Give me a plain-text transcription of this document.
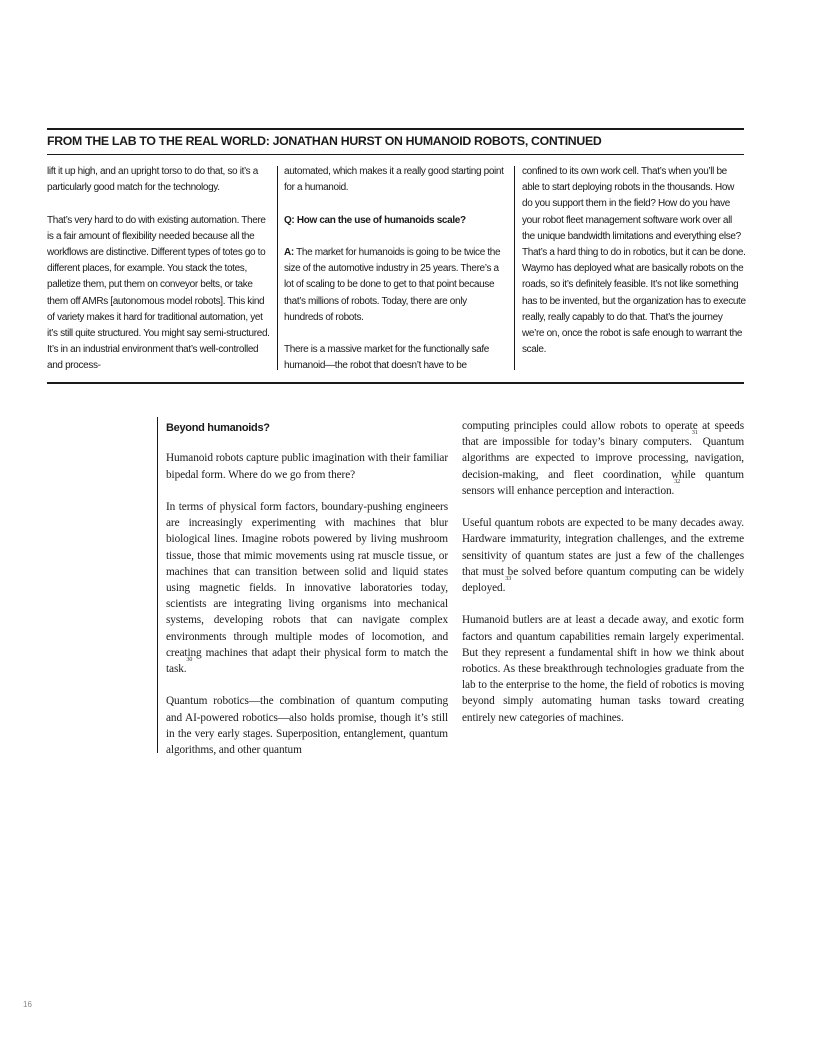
FROM THE LAB TO THE REAL WORLD: JONATHAN HURST ON HUMANOID ROBOTS, CONTINUED

lift it up high, and an upright torso to do that, so it’s a particularly good match for the technology.

That’s very hard to do with existing automation. There is a fair amount of flexibility needed because all the workflows are distinctive. Different types of totes go to different places, for example. You stack the totes, palletize them, put them on conveyor belts, or take them off AMRs [autonomous model robots]. This kind of variety makes it hard for traditional automation, yet it’s still quite structured. You might say semi-structured. It’s in an industrial environment that’s well-controlled and process-

automated, which makes it a really good starting point for a humanoid.

Q: How can the use of humanoids scale?

A: The market for humanoids is going to be twice the size of the automotive industry in 25 years. There’s a lot of scaling to be done to get to that point because that’s millions of robots. Today, there are only hundreds of robots.

There is a massive market for the functionally safe humanoid—the robot that doesn’t have to be

confined to its own work cell. That’s when you’ll be able to start deploying robots in the thousands. How do you support them in the field? How do you have your robot fleet management software work over all the unique bandwidth limitations and everything else? That’s a hard thing to do in robotics, but it can be done. Waymo has deployed what are basically robots on the roads, so it’s definitely feasible. It’s not like something has to be invented, but the organization has to execute really, really capably to do that. That’s the journey we’re on, once the robot is safe enough to warrant the scale.

Beyond humanoids?

Humanoid robots capture public imagination with their familiar bipedal form. Where do we go from there?

In terms of physical form factors, boundary-pushing engineers are increasingly experimenting with machines that blur biological lines. Imagine robots powered by living mushroom tissue, those that mimic movements using rat muscle tissue, or machines that can transition between solid and liquid states using magnetic fields. In innovative laboratories today, scientists are integrating living organisms into mechanical systems, developing robots that can navigate complex environments through multiple modes of locomotion, and creating machines that adapt their physical form to match the task.$^{30}$

Quantum robotics—the combination of quantum computing and AI-powered robotics—also holds promise, though it’s still in the very early stages. Superposition, entanglement, quantum algorithms, and other quantum

computing principles could allow robots to operate at speeds that are impossible for today’s binary computers.$^{31}$ Quantum algorithms are expected to improve processing, navigation, decision-making, and fleet coordination, while quantum sensors will enhance perception and interaction.$^{32}$

Useful quantum robots are expected to be many decades away. Hardware immaturity, integration challenges, and the extreme sensitivity of quantum states are just a few of the challenges that must be solved before quantum computing can be widely deployed.$^{33}$

Humanoid butlers are at least a decade away, and exotic form factors and quantum capabilities remain largely experimental. But they represent a fundamental shift in how we think about robotics. As these breakthrough technologies graduate from the lab to the enterprise to the home, the field of robotics is moving beyond simply automating human tasks toward creating entirely new categories of machines.

16
